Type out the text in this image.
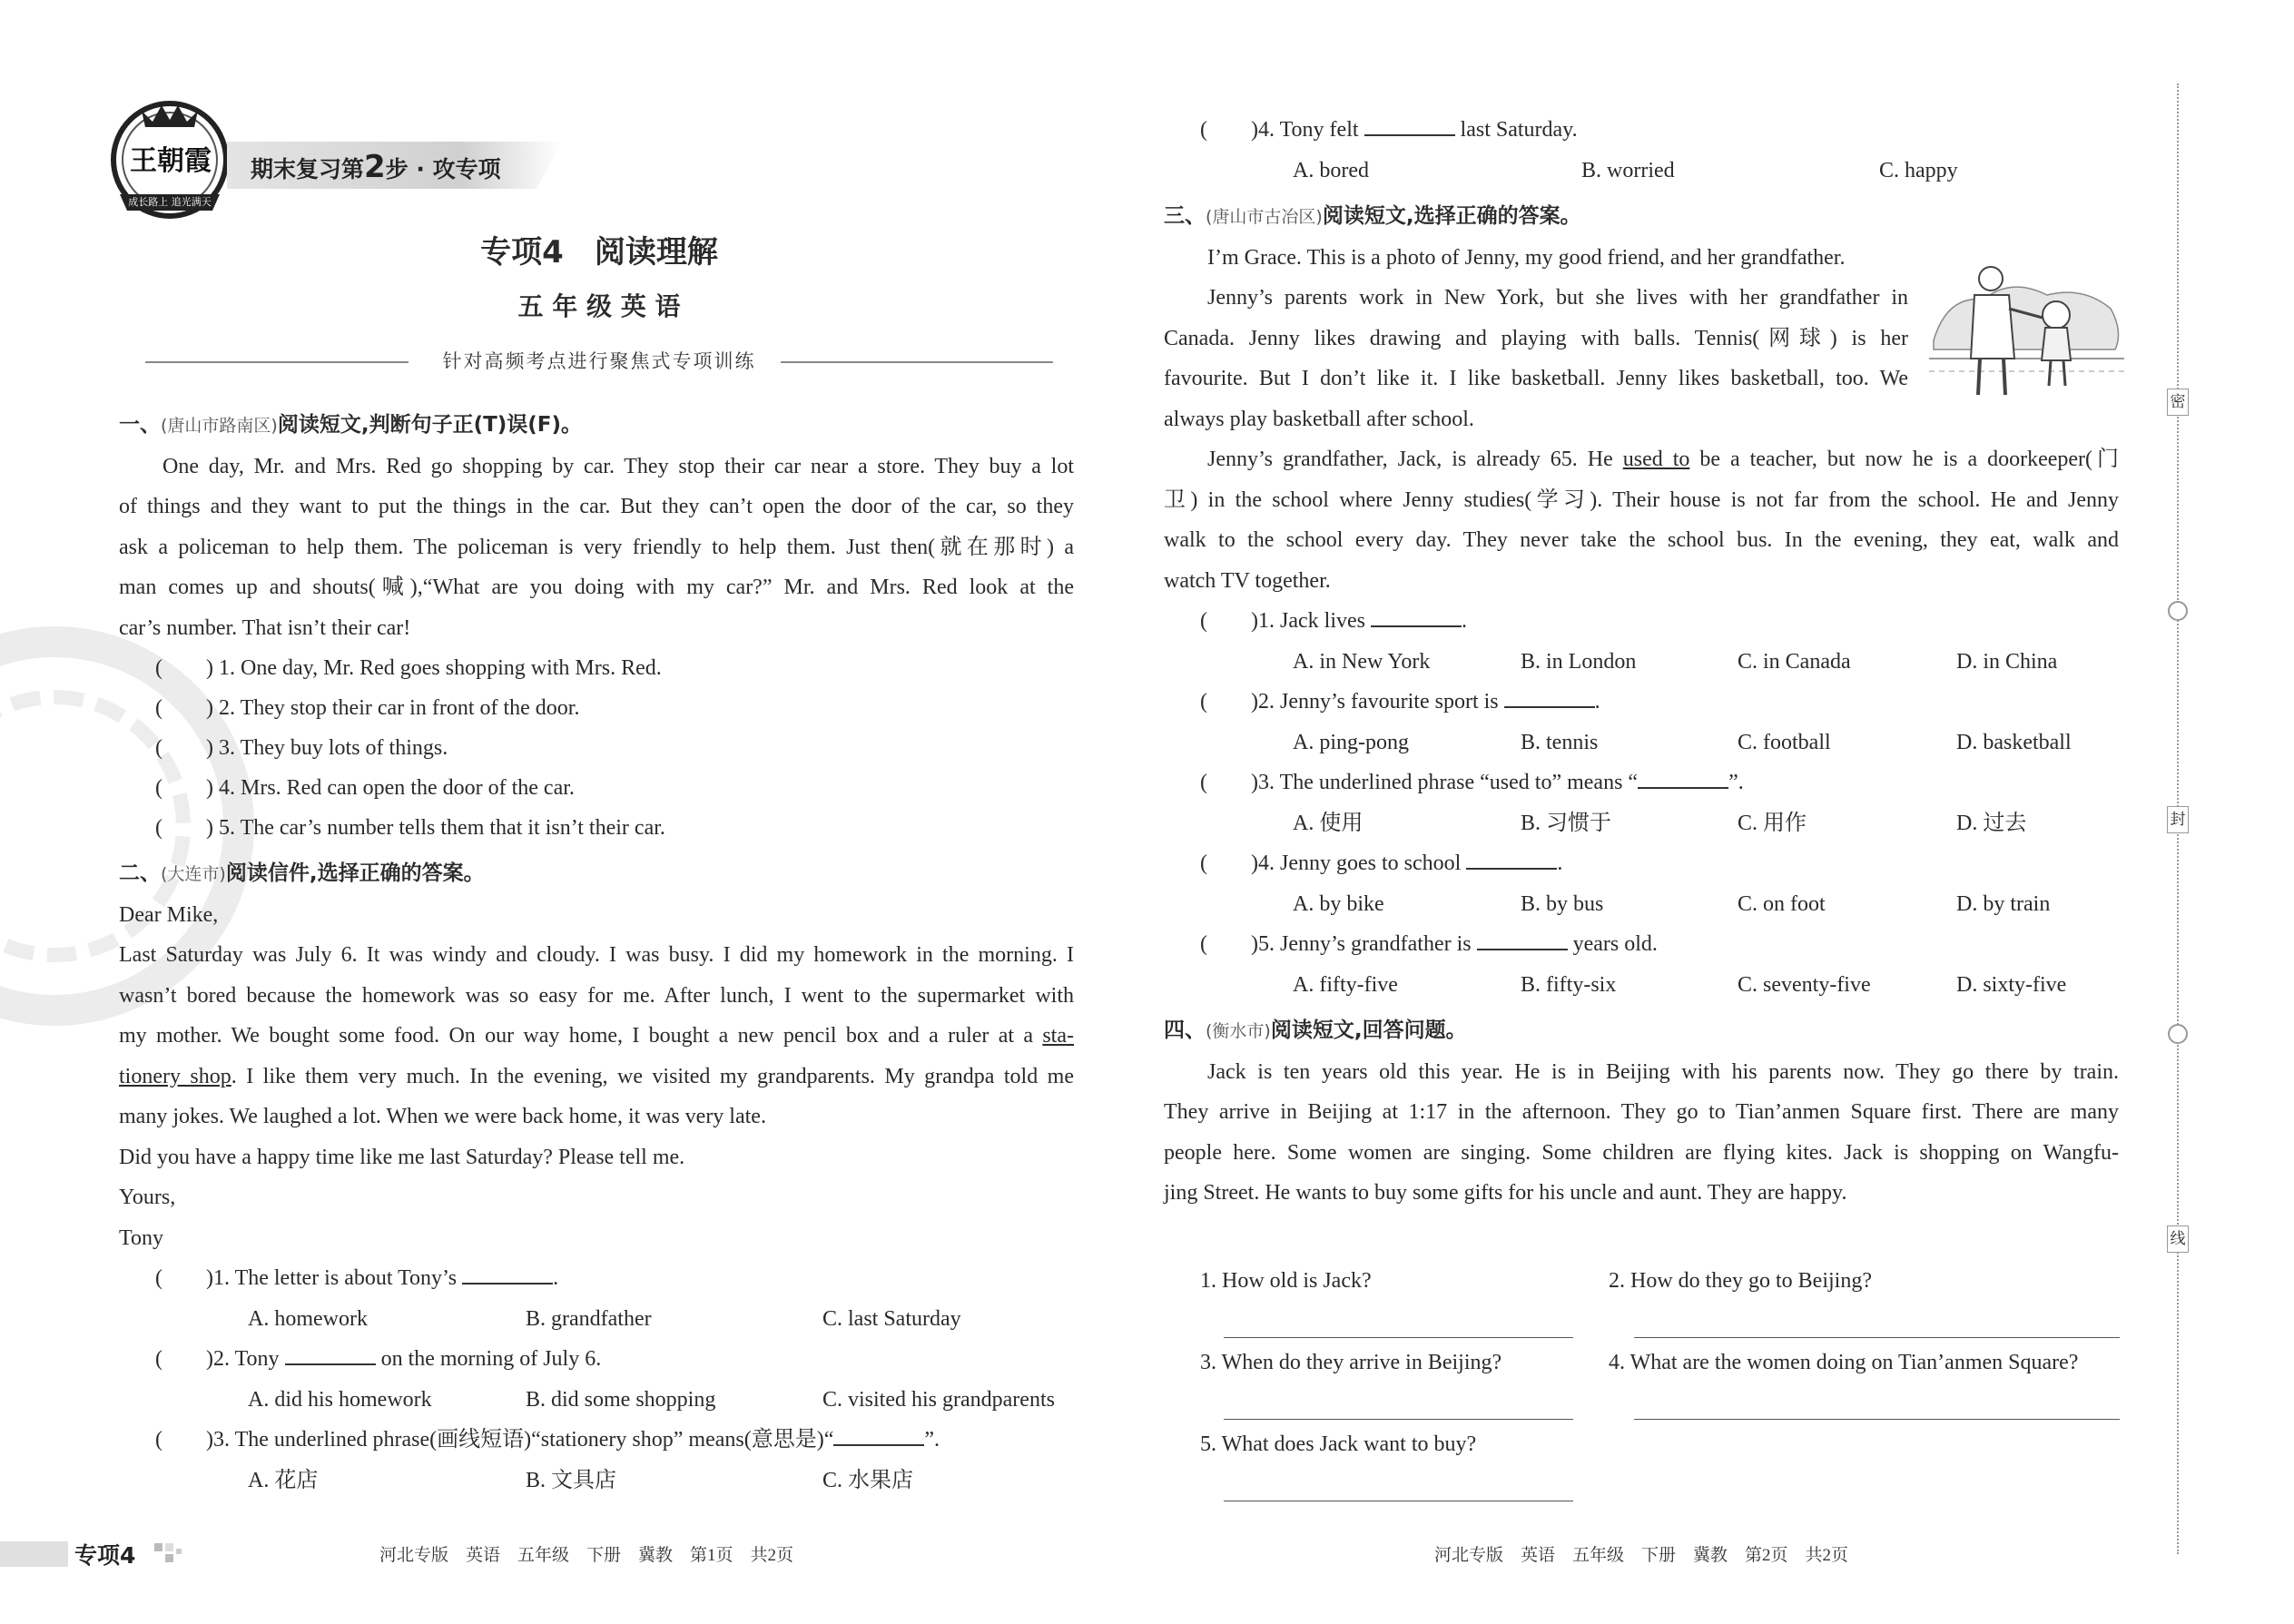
王朝霞
成长路上 追光满天
期末复习第2步 · 攻专项
专项4　阅读理解
五 年 级 英 语
针对高频考点进行聚焦式专项训练

一、(唐山市路南区)阅读短文,判断句子正(T)误(F)。

One day, Mr. and Mrs. Red go shopping by car. They stop their car near a store. They buy a lot

of things and they want to put the things in the car. But they can’t open the door of the car, so they

ask a policeman to help them. The policeman is very friendly to help them. Just then(就在那时) a

man comes up and shouts(喊),“What are you doing with my car?” Mr. and Mrs. Red look at the

car’s number. That isn’t their car!

(　　) 1. One day, Mr. Red goes shopping with Mrs. Red.
(　　) 2. They stop their car in front of the door.
(　　) 3. They buy lots of things.
(　　) 4. Mrs. Red can open the door of the car.
(　　) 5. The car’s number tells them that it isn’t their car.

二、(大连市)阅读信件,选择正确的答案。

Dear Mike,

Last Saturday was July 6. It was windy and cloudy. I was busy. I did my homework in the morning. I

wasn’t bored because the homework was so easy for me. After lunch, I went to the supermarket with

my mother. We bought some food. On our way home, I bought a new pencil box and a ruler at a sta-

tionery shop. I like them very much. In the evening, we visited my grandparents. My grandpa told me

many jokes. We laughed a lot. When we were back home, it was very late.

Did you have a happy time like me last Saturday? Please tell me.

Yours,

Tony

(　　) 1. The letter is about Tony’s	.
A. homework	B. grandfather	C. last Saturday
(　　) 2. Tony	on the morning of July 6.
A. did his homework	B. did some shopping	C. visited his grandparents
(　　) 3. The underlined phrase(画线短语)“stationery shop” means(意思是)“	”.
A. 花店	B. 文具店	C. 水果店
(　　) 4. Tony felt	last Saturday.
A. bored	B. worried	C. happy

三、(唐山市古冶区)阅读短文,选择正确的答案。

I’m Grace. This is a photo of Jenny, my good friend, and her grandfather.

Jenny’s parents work in New York, but she lives with her grandfather in

Canada. Jenny likes drawing and playing with balls. Tennis(网球) is her

favourite. But I don’t like it. I like basketball. Jenny likes basketball, too. We

always play basketball after school.

Jenny’s grandfather, Jack, is already 65. He used to be a teacher, but now he is a doorkeeper(门

卫) in the school where Jenny studies(学习). Their house is not far from the school. He and Jenny

walk to the school every day. They never take the school bus. In the evening, they eat, walk and

watch TV together.

(　　) 1. Jack lives	.
A. in New York	B. in London	C. in Canada	D. in China
(　　) 2. Jenny’s favourite sport is	.
A. ping-pong	B. tennis	C. football	D. basketball
(　　) 3. The underlined phrase “used to” means “	”.
A. 使用	B. 习惯于	C. 用作	D. 过去
(　　) 4. Jenny goes to school	.
A. by bike	B. by bus	C. on foot	D. by train
(　　) 5. Jenny’s grandfather is	years old.
A. fifty-five	B. fifty-six	C. seventy-five	D. sixty-five

四、(衡水市)阅读短文,回答问题。

Jack is ten years old this year. He is in Beijing with his parents now. They go there by train.

They arrive in Beijing at 1:17 in the afternoon. They go to Tian’anmen Square first. There are many

people here. Some women are singing. Some children are flying kites. Jack is shopping on Wangfu-

jing Street. He wants to buy some gifts for his uncle and aunt. They are happy.

1. How old is Jack?	2. How do they go to Beijing?
3. When do they arrive in Beijing?	4. What are the women doing on Tian’anmen Square?
5. What does Jack want to buy?
密
封
线
专项4	河北专版　英语　五年级　下册　冀教　第1页　共2页	河北专版　英语　五年级　下册　冀教　第2页　共2页
